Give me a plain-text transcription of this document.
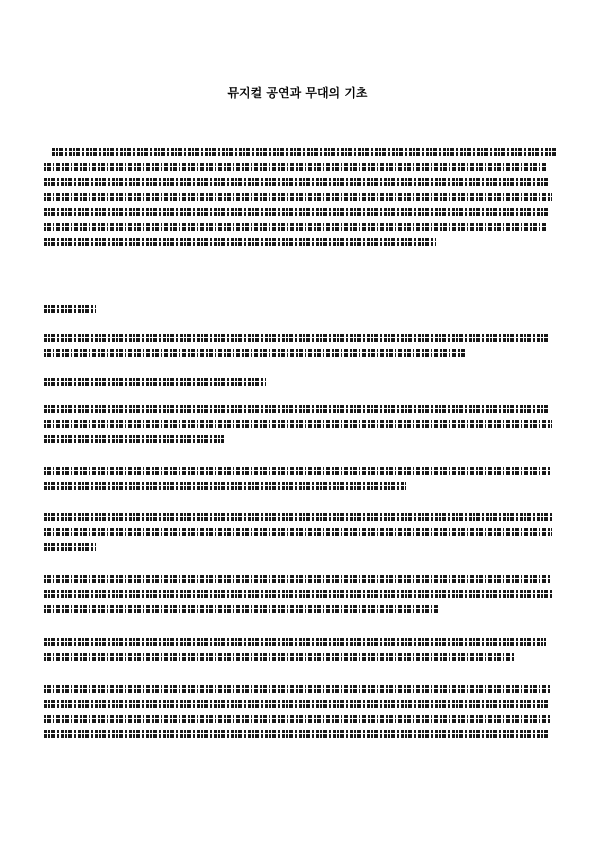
뮤지컬 공연과 무대의 기초
